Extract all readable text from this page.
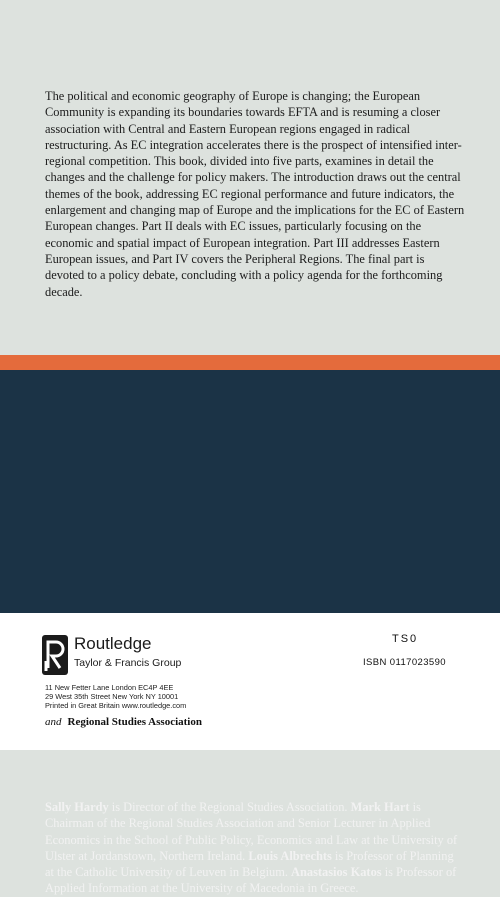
The political and economic geography of Europe is changing; the European Community is expanding its boundaries towards EFTA and is resuming a closer association with Central and Eastern European regions engaged in radical restructuring. As EC integration accelerates there is the prospect of intensified inter-regional competition. This book, divided into five parts, examines in detail the changes and the challenge for policy makers. The introduction draws out the central themes of the book, addressing EC regional performance and future indicators, the enlargement and changing map of Europe and the implications for the EC of Eastern European changes. Part II deals with EC issues, particularly focusing on the economic and spatial impact of European integration. Part III addresses Eastern European issues, and Part IV covers the Peripheral Regions. The final part is devoted to a policy debate, concluding with a policy agenda for the forthcoming decade.
Sally Hardy is Director of the Regional Studies Association. Mark Hart is Chairman of the Regional Studies Association and Senior Lecturer in Applied Economics in the School of Public Policy, Economics and Law at the University of Ulster at Jordanstown, Northern Ireland. Louis Albrechts is Professor of Planning at the Catholic University of Leuven in Belgium. Anastasios Katos is Professor of Applied Information at the University of Macedonia in Greece.
Routledge
Taylor & Francis Group
11 New Fetter Lane London EC4P 4EE
29 West 35th Street New York NY 10001
Printed in Great Britain www.routledge.com
and Regional Studies Association
TS0
ISBN 0117023590
